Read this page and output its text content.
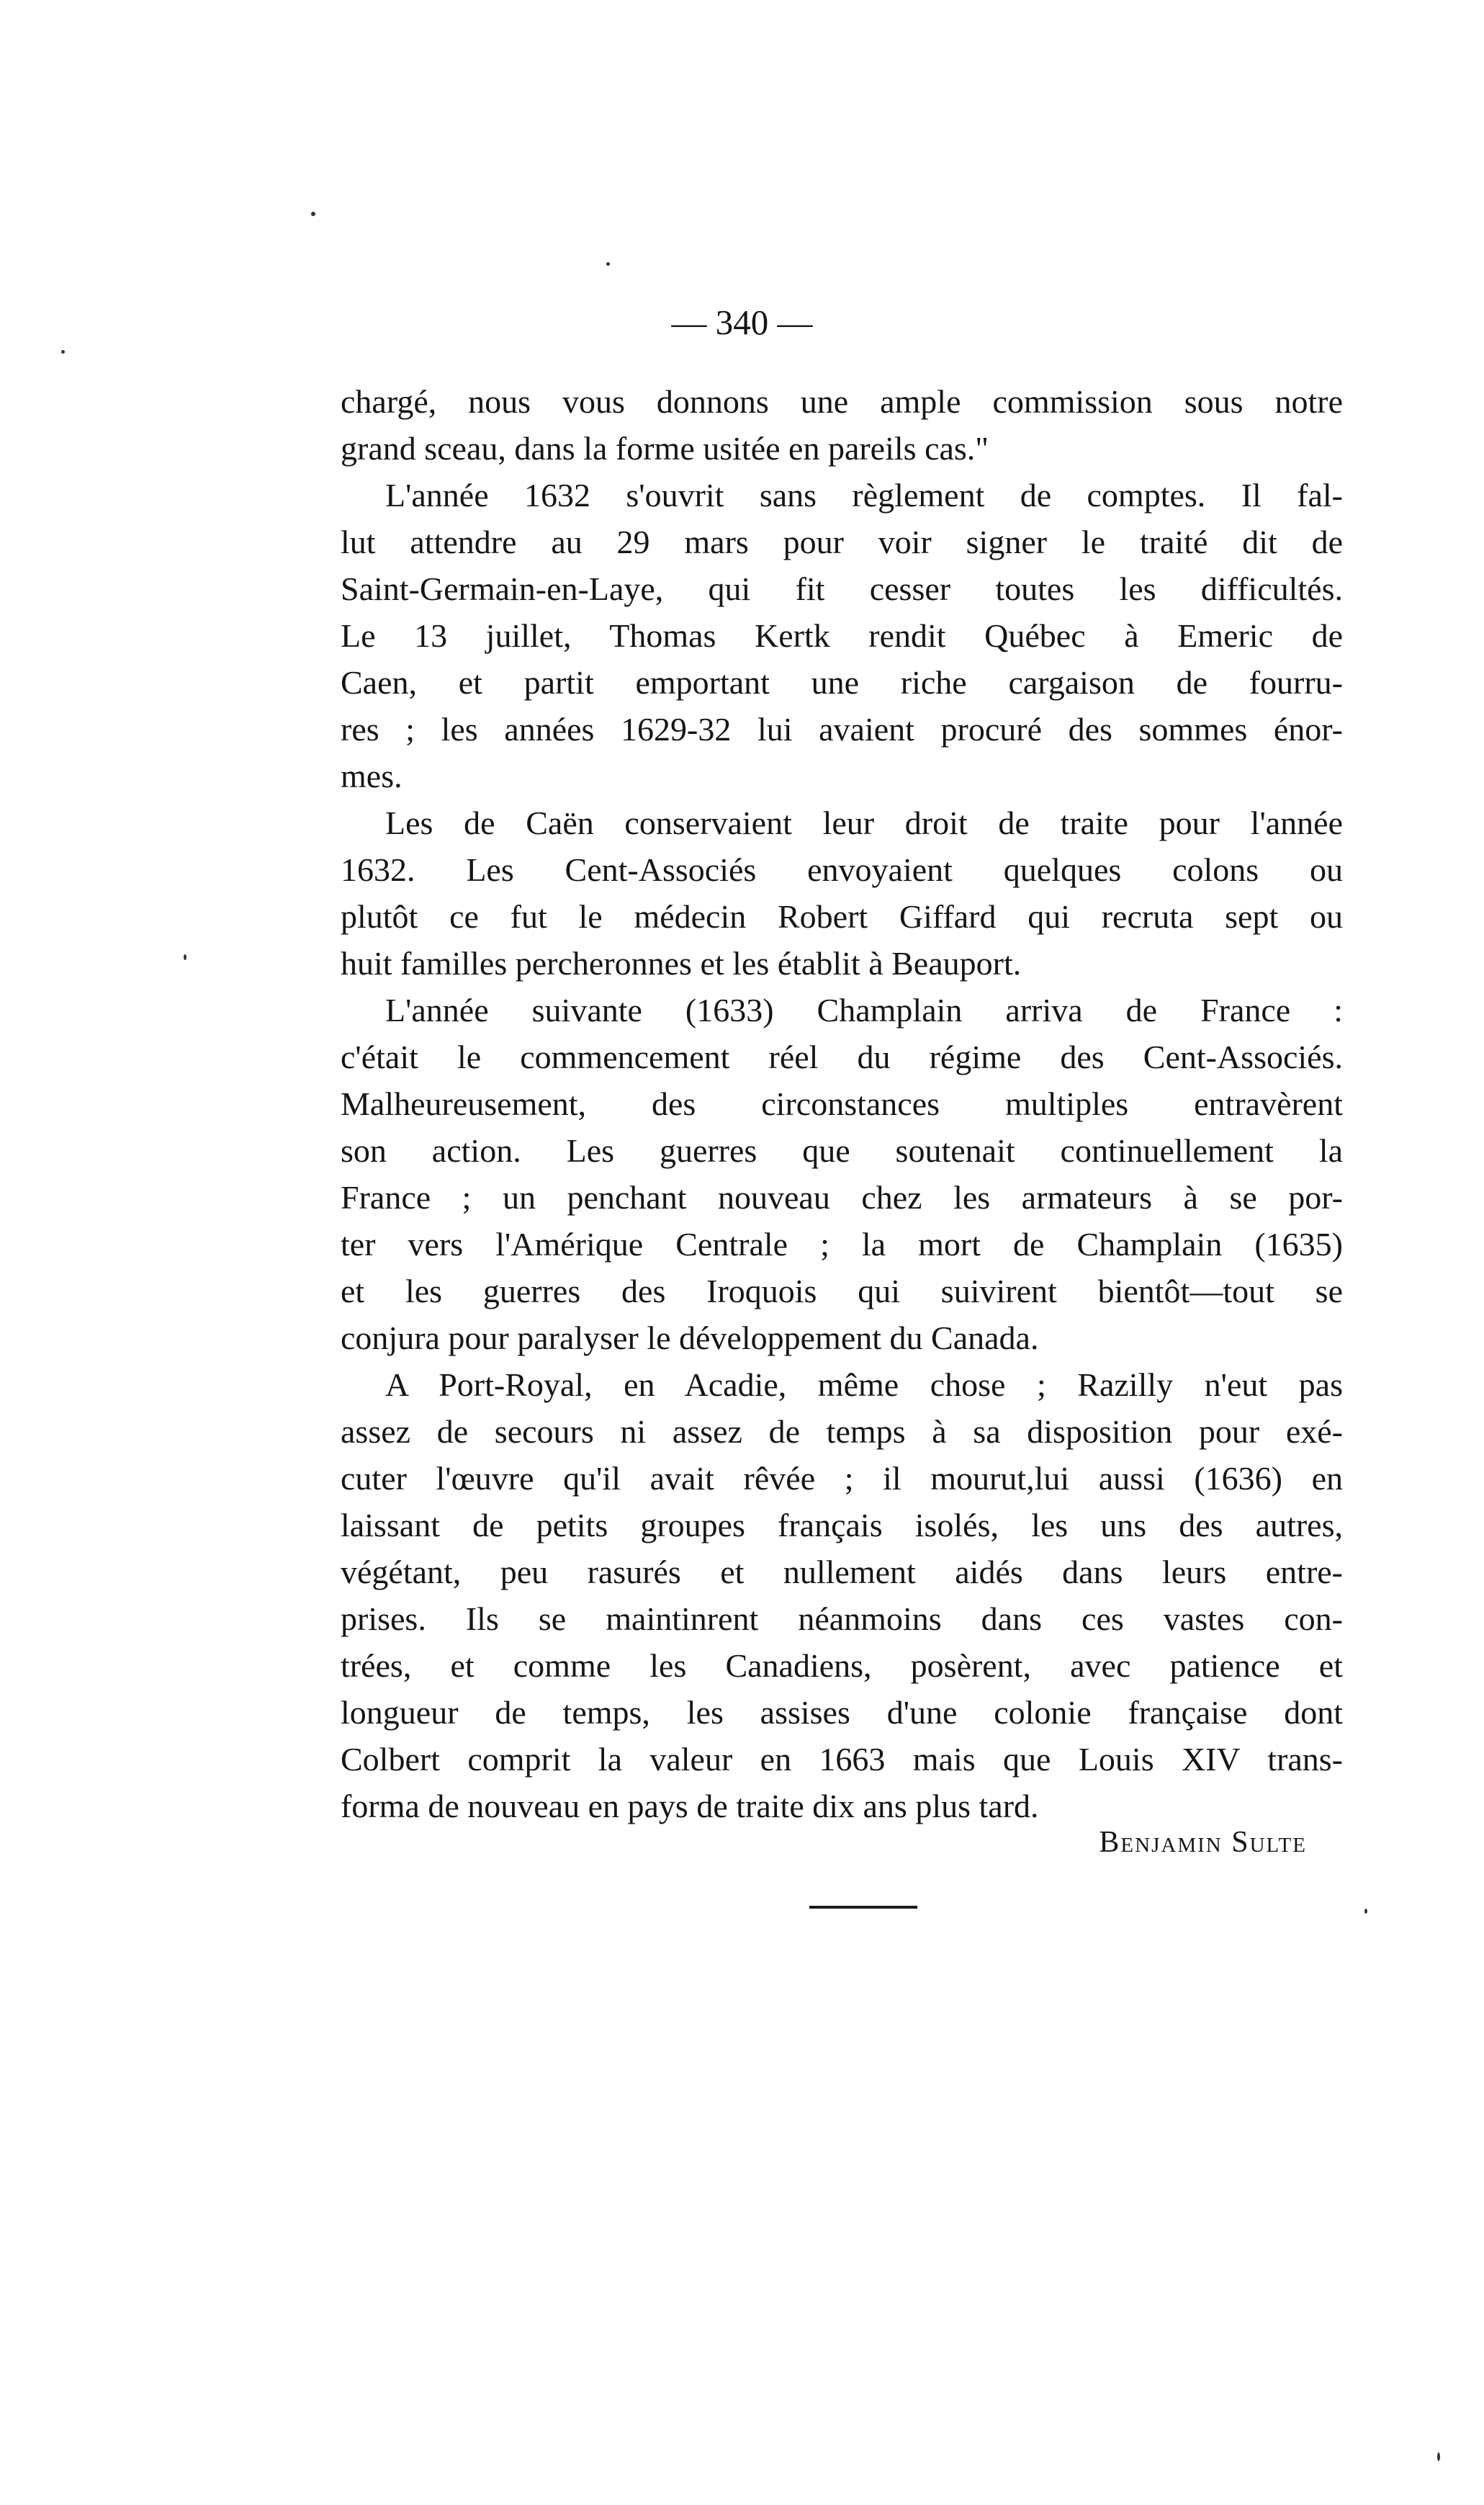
— 340 —
chargé, nous vous donnons une ample commission sous notre
grand sceau, dans la forme usitée en pareils cas."
L'année 1632 s'ouvrit sans règlement de comptes. Il fal-
lut attendre au 29 mars pour voir signer le traité dit de
Saint-Germain-en-Laye, qui fit cesser toutes les difficultés.
Le 13 juillet, Thomas Kertk rendit Québec à Emeric de
Caen, et partit emportant une riche cargaison de fourru-
res ; les années 1629-32 lui avaient procuré des sommes énor-
mes.
Les de Caën conservaient leur droit de traite pour l'année
1632. Les Cent-Associés envoyaient quelques colons ou
plutôt ce fut le médecin Robert Giffard qui recruta sept ou
huit familles percheronnes et les établit à Beauport.
L'année suivante (1633) Champlain arriva de France :
c'était le commencement réel du régime des Cent-Associés.
Malheureusement, des circonstances multiples entravèrent
son action. Les guerres que soutenait continuellement la
France ; un penchant nouveau chez les armateurs à se por-
ter vers l'Amérique Centrale ; la mort de Champlain (1635)
et les guerres des Iroquois qui suivirent bientôt—tout se
conjura pour paralyser le développement du Canada.
A Port-Royal, en Acadie, même chose ; Razilly n'eut pas
assez de secours ni assez de temps à sa disposition pour exé-
cuter l'œuvre qu'il avait rêvée ; il mourut,lui aussi (1636) en
laissant de petits groupes français isolés, les uns des autres,
végétant, peu rasurés et nullement aidés dans leurs entre-
prises. Ils se maintinrent néanmoins dans ces vastes con-
trées, et comme les Canadiens, posèrent, avec patience et
longueur de temps, les assises d'une colonie française dont
Colbert comprit la valeur en 1663 mais que Louis XIV trans-
forma de nouveau en pays de traite dix ans plus tard.
Benjamin Sulte
